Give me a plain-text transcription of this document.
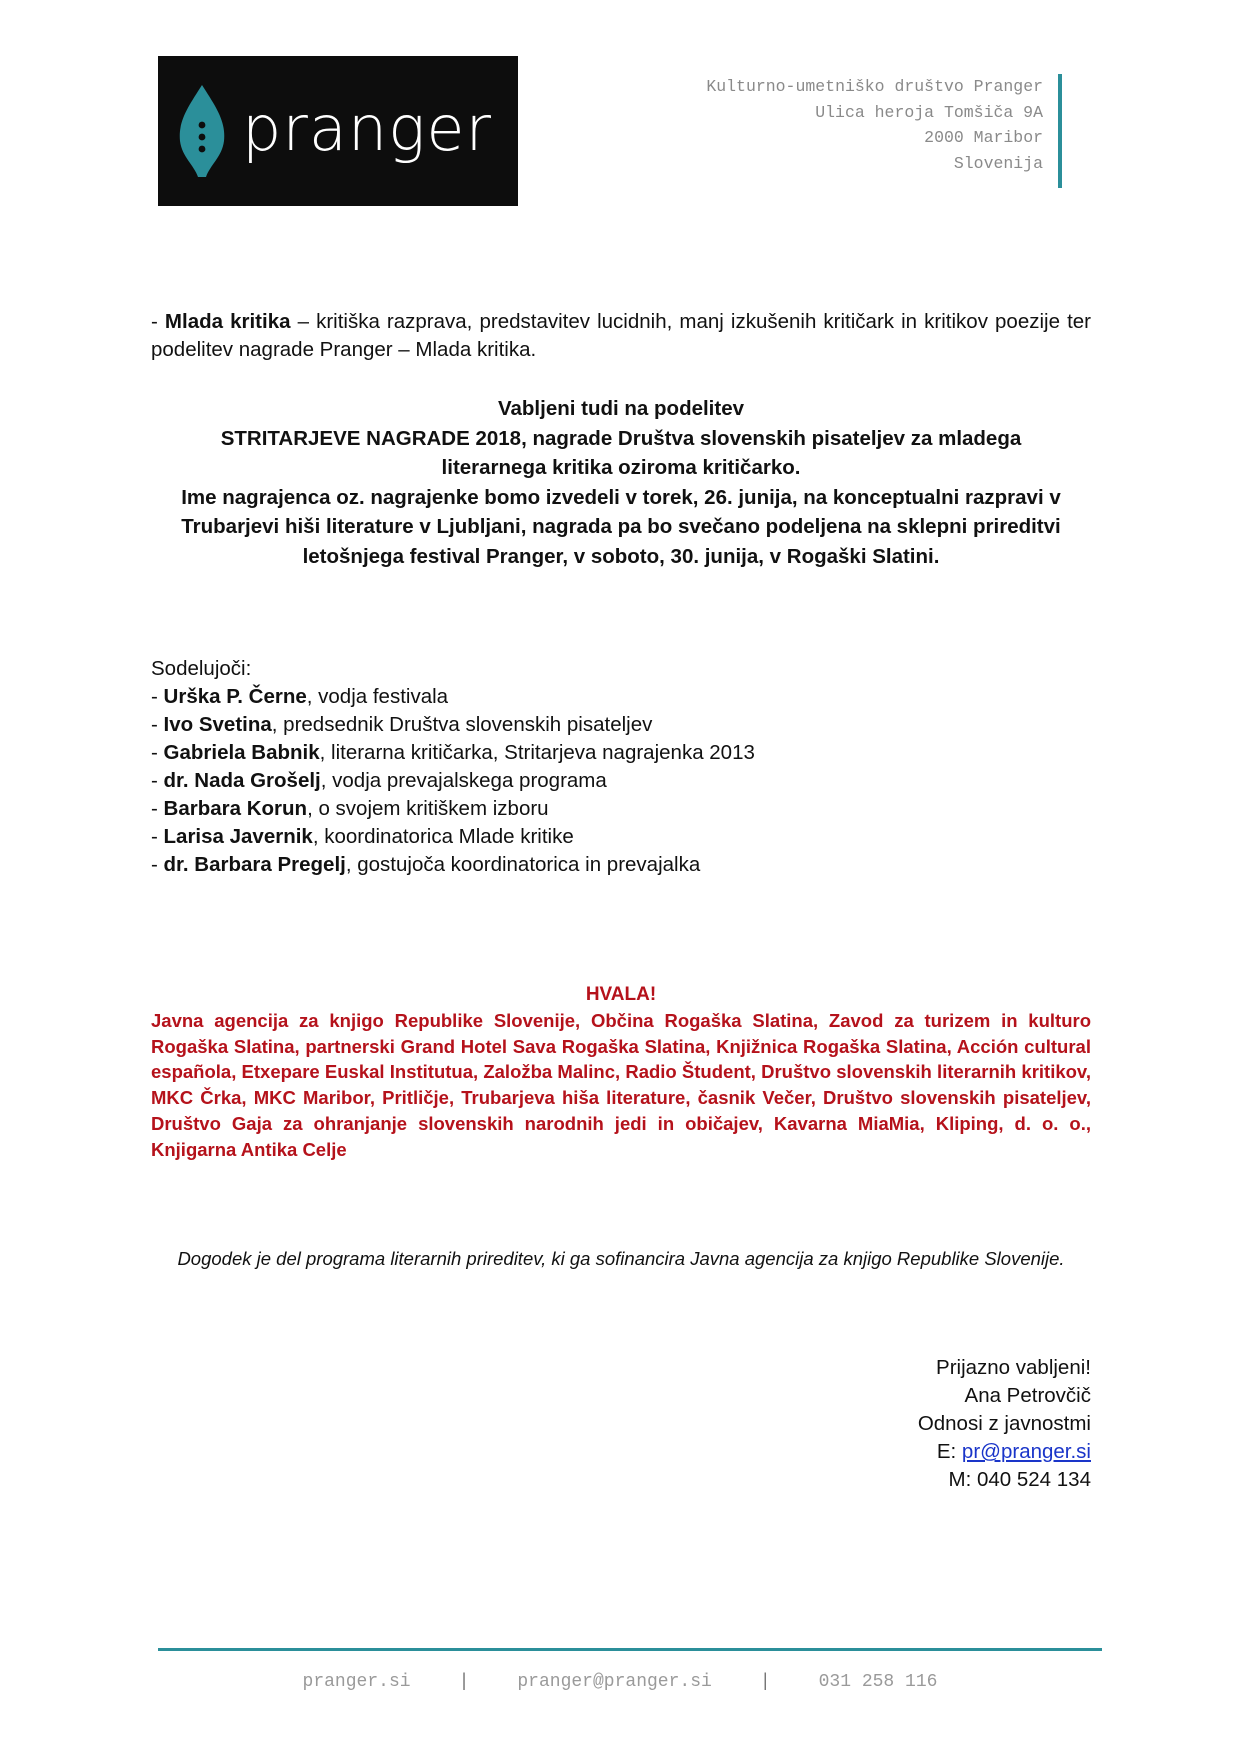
pranger
Kulturno-umetniško društvo Pranger
Ulica heroja Tomšiča 9A
2000 Maribor
Slovenija
- Mlada kritika – kritiška razprava, predstavitev lucidnih, manj izkušenih kritičark in kritikov poezije ter podelitev nagrade Pranger – Mlada kritika.
Vabljeni tudi na podelitev
STRITARJEVE NAGRADE 2018, nagrade Društva slovenskih pisateljev za mladega literarnega kritika oziroma kritičarko.
Ime nagrajenca oz. nagrajenke bomo izvedeli v torek, 26. junija, na konceptualni razpravi v Trubarjevi hiši literature v Ljubljani, nagrada pa bo svečano podeljena na sklepni prireditvi letošnjega festival Pranger, v soboto, 30. junija, v Rogaški Slatini.
Sodelujoči:
- Urška P. Černe, vodja festivala
- Ivo Svetina, predsednik Društva slovenskih pisateljev
- Gabriela Babnik, literarna kritičarka, Stritarjeva nagrajenka 2013
- dr. Nada Grošelj, vodja prevajalskega programa
- Barbara Korun, o svojem kritiškem izboru
- Larisa Javernik, koordinatorica Mlade kritike
- dr. Barbara Pregelj, gostujoča koordinatorica in prevajalka
HVALA!
Javna agencija za knjigo Republike Slovenije, Občina Rogaška Slatina, Zavod za turizem in kulturo Rogaška Slatina, partnerski Grand Hotel Sava Rogaška Slatina, Knjižnica Rogaška Slatina, Acción cultural española, Etxepare Euskal Institutua, Založba Malinc, Radio Študent, Društvo slovenskih literarnih kritikov, MKC Črka, MKC Maribor, Pritličje, Trubarjeva hiša literature, časnik Večer, Društvo slovenskih pisateljev, Društvo Gaja za ohranjanje slovenskih narodnih jedi in običajev, Kavarna MiaMia, Kliping, d. o. o., Knjigarna Antika Celje
Dogodek je del programa literarnih prireditev, ki ga sofinancira Javna agencija za knjigo Republike Slovenije.
Prijazno vabljeni!
Ana Petrovčič
Odnosi z javnostmi
E: pr@pranger.si
M: 040 524 134
pranger.si	|	pranger@pranger.si	|	031 258 116
